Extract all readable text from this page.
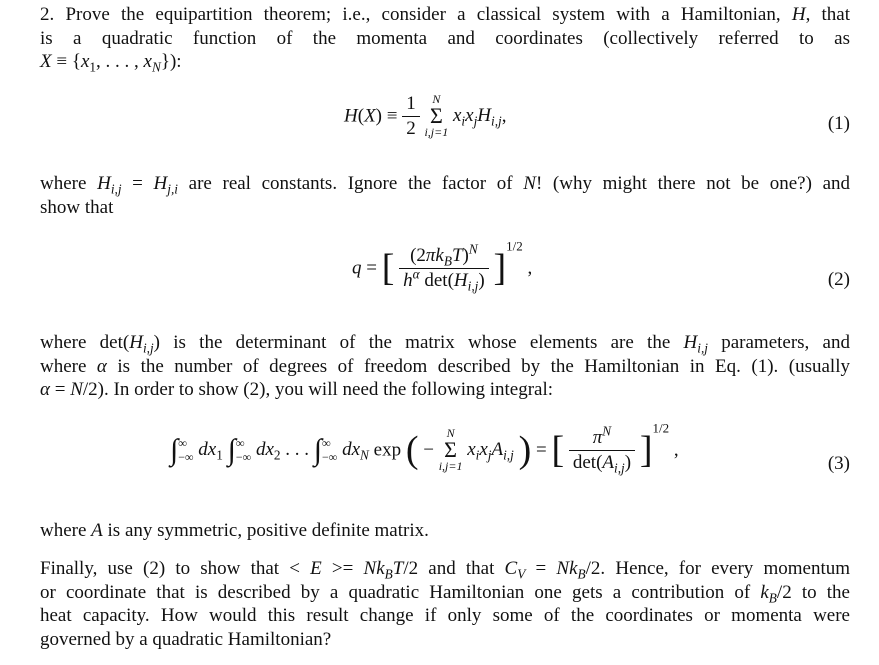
2. Prove the equipartition theorem; i.e., consider a classical system with a Hamiltonian, H, that
is a quadratic function of the momenta and coordinates (collectively referred to as
$X \equiv \{x_1$, . . . , $x_N$}):
$H(X) \equiv \frac{1}{2}$
	N
Σ
i,j=1
$x_ix_jH_{i,j}$,	(1)
where $H_{i,j} = H_{j,i}$ are real constants. Ignore the factor of N! (why might there not be one?) and
show that
q = [ $\frac{(2\pi k_BT)^N}{h^\alpha \det(H_{i,j})} ]^{1/2}$ ,
(2)
where $\det(H_{i,j})$ is the determinant of the matrix whose elements are the $H_{i,j}$ parameters, and
where α is the number of degrees of freedom described by the Hamiltonian in Eq. (1). (usually
α = N/2). In order to show (2), you will need the following integral:
∫∞
−∞ $dx_1$ ∫∞
−∞ $dx_2$ . . . ∫∞
−∞ $dx_N$ exp ( −
N
Σ
i,j=1
$x_ix_jA_{i,j}$ ) = [ $\frac{\pi^N}{\det(A_{i,j})} ]^{1/2}$ ,
(3)
where A is any symmetric, positive definite matrix.
Finally, use (2) to show that < $E >= Nk_BT/2$ and that $C_V = Nk_B/2$. Hence, for every momentum
or coordinate that is described by a quadratic Hamiltonian one gets a contribution of $k_B/2$ to the
heat capacity. How would this result change if only some of the coordinates or momenta were
governed by a quadratic Hamiltonian?
